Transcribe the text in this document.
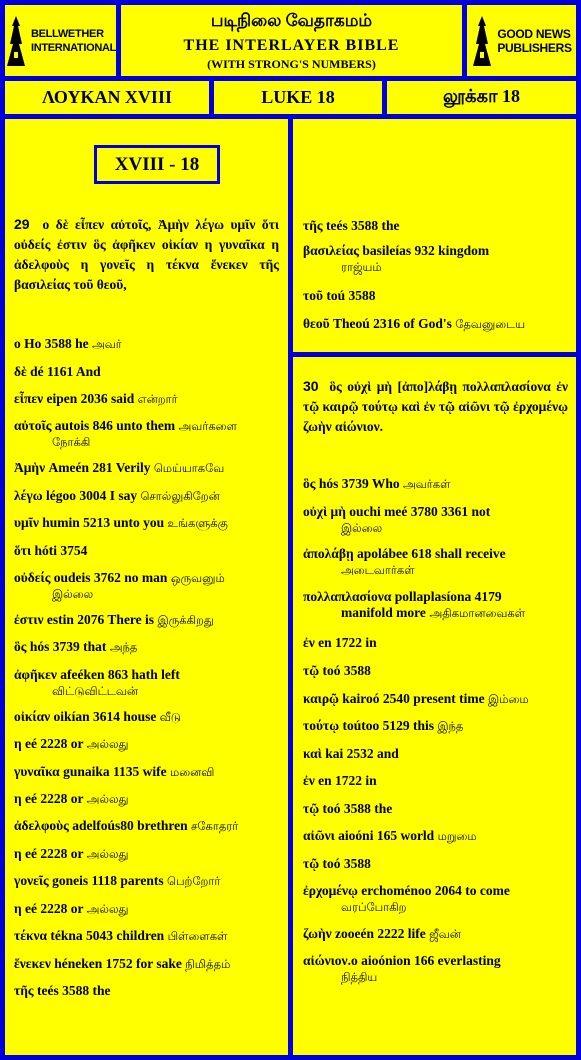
BELLWETHER
INTERNATIONAL
படிநிலை வேதாகமம்
THE INTERLAYER BIBLE
(WITH STRONG'S NUMBERS)
GOOD NEWS
PUBLISHERS
ΛΟΥΚΑΝ XVIII	LUKE 18	லூக்கா 18
XVIII - 18
29 ο δὲ εἶπεν αὐτοῖς, Ἀμὴν λέγω υμῖν ὅτι οὐδείς ἐστιν ὃς ἀφῆκεν οἰκίαν η γυναῖκα η ἀδελφοὺς η γονεῖς η τέκνα ἕνεκεν τῆς βασιλείας τοῦ θεοῦ,
ο Ho 3588 he அவர்
δὲ dé 1161 And
εἶπεν eipen 2036 said என்றார்
αὐτοῖς autois 846 unto them அவர்களை
நோக்கி
Ἀμὴν Ameén 281 Verily மெய்யாகவே
λέγω légoo 3004 I say சொல்லுகிறேன்
υμῖν humin 5213 unto you உங்களுக்கு
ὅτι hóti 3754
οὐδείς oudeis 3762 no man ஒருவனும்
இல்லை
ἐστιν estin 2076 There is இருக்கிறது
ὃς hós 3739 that அந்த
ἀφῆκεν afeéken 863 hath left
விட்டுவிட்டவன்
οἰκίαν oikían 3614 house வீடு
η eé 2228 or அல்லது
γυναῖκα gunaika 1135 wife மனைவி
η eé 2228 or அல்லது
ἀδελφοὺς adelfoús80 brethren சகோதரர்
η eé 2228 or அல்லது
γονεῖς goneis 1118 parents பெற்றோர்
η eé 2228 or அல்லது
τέκνα tékna 5043 children பிள்ளைகள்
ἕνεκεν héneken 1752 for sake நிமித்தம்
τῆς teés 3588 the
τῆς teés 3588 the
βασιλείας basileías 932 kingdom
ராஜ்யம்
τοῦ toú 3588
θεοῦ Theoú 2316 of God's தேவனுடைய
30 ὃς οὐχὶ μὴ [ἀπο]λάβῃ πολλαπλασίονα ἐν τῷ καιρῷ τούτῳ καὶ ἐν τῷ αἰῶνι τῷ ἐρχομένῳ ζωὴν αἰώνιον.
ὃς hós 3739 Who அவர்கள்
οὐχὶ μὴ ouchi meé 3780 3361 not
இல்லை
ἀπολάβῃ apolábee 618 shall receive
அடைவார்கள்
πολλαπλασίονα pollaplasíona 4179
manifold more அதிகமானவைகள்
ἐν en 1722 in
τῷ toó 3588
καιρῷ kairoó 2540 present time இம்மை
τούτῳ toútoo 5129 this இந்த
καὶ kai 2532 and
ἐν en 1722 in
τῷ toó 3588 the
αἰῶνι aioóni 165 world மறுமை
τῷ toó 3588
ἐρχομένῳ erchoménoo 2064 to come
வரப்போகிற
ζωὴν zooeén 2222 life ஜீவன்
αἰώνιον.ο aioónion 166 everlasting
நித்திய
